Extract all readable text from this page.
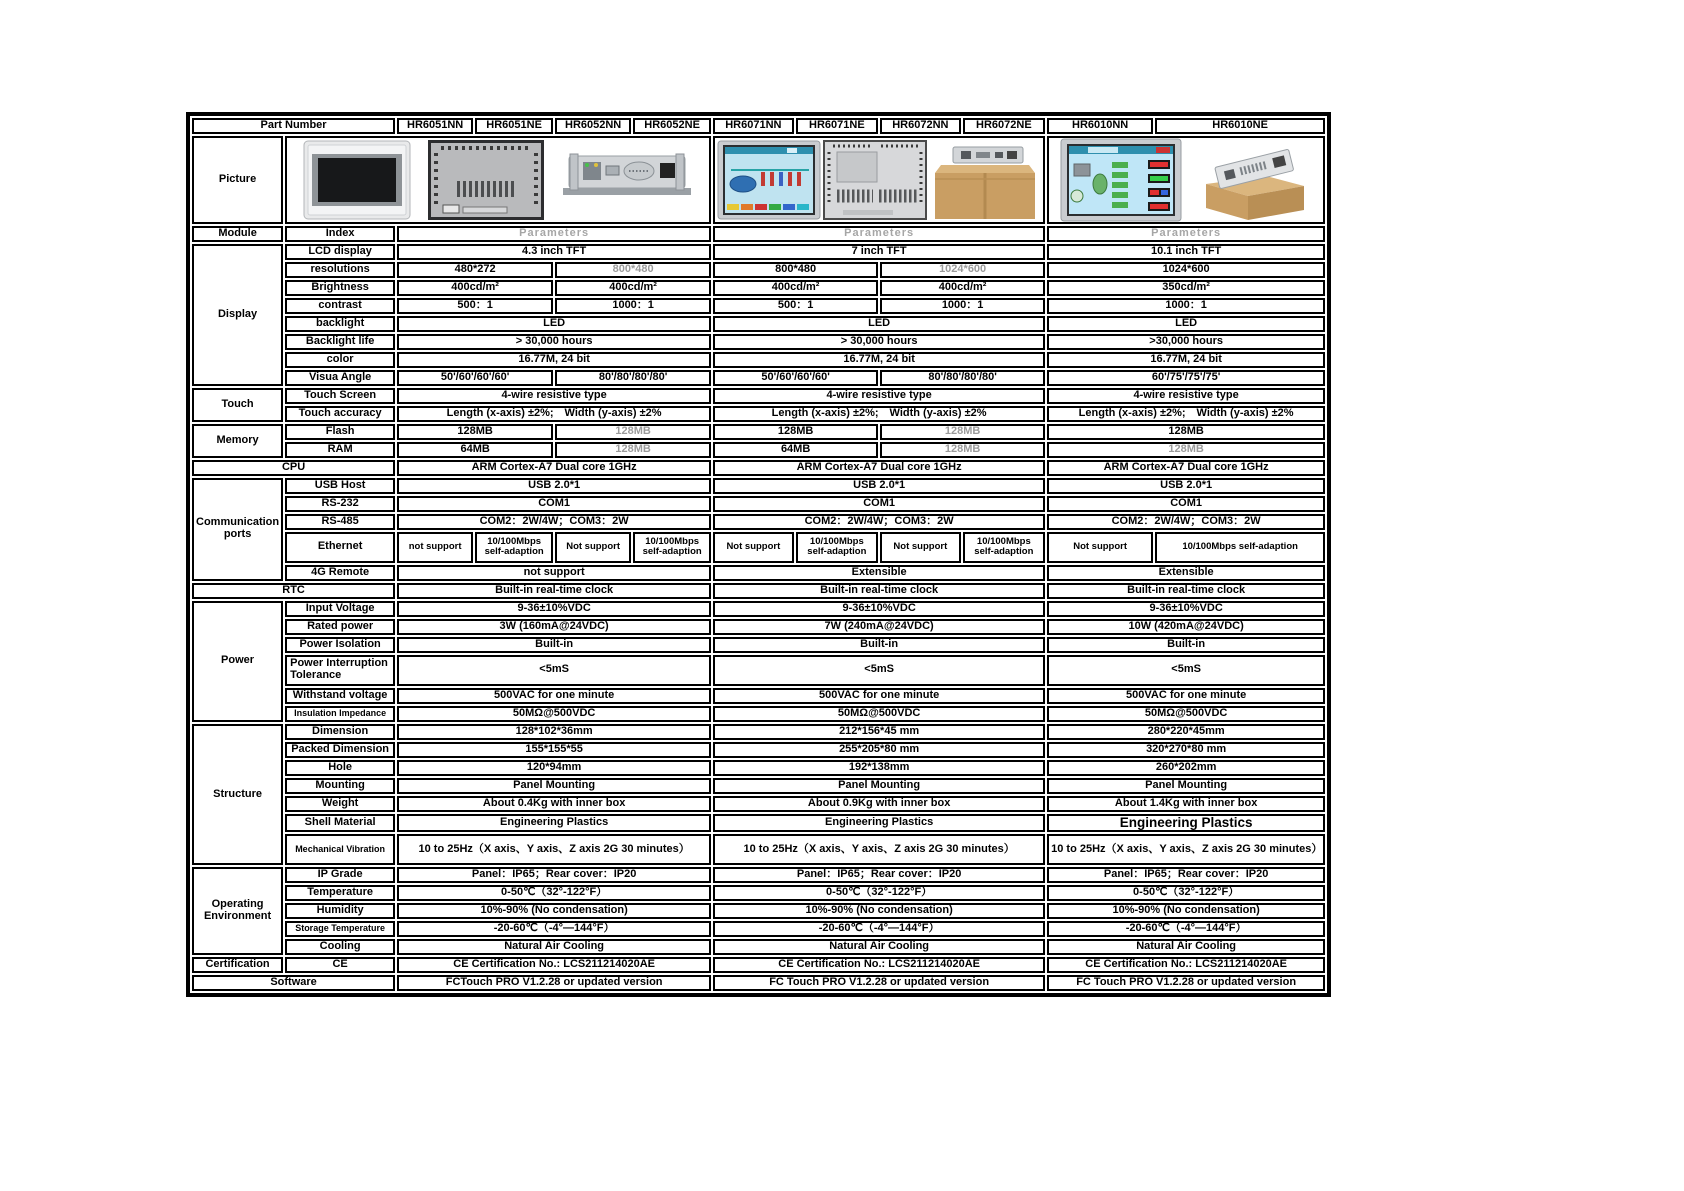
Part Number		HR6051NN	HR6051NE	HR6052NN	HR6052NE	HR6071NN	HR6071NE	HR6072NN	HR6072NE	HR6010NN	HR6010NE
Picture	

Module	Index	Parameters				Parameters				Parameters	
Display	LCD display	4.3 inch TFT				7 inch TFT				10.1 inch TFT	
	resolutions	480*272		800*480		800*480		1024*600		1024*600	
	Brightness	400cd/m²		400cd/m²		400cd/m²		400cd/m²		350cd/m²	
	contrast	500：1		1000：1		500：1		1000：1		1000：1	
	backlight	LED				LED				LED	
	Backlight life	> 30,000 hours				> 30,000 hours				>30,000 hours	
	color	16.77M, 24 bit				16.77M, 24 bit				16.77M, 24 bit	
	Visua Angle	50'/60'/60'/60'		80'/80'/80'/80'		50'/60'/60'/60'		80'/80'/80'/80'		60'/75'/75'/75'	
Touch	Touch Screen	4-wire resistive type				4-wire resistive type				4-wire resistive type	
	Touch accuracy	Length (x-axis) ±2%;　Width (y-axis) ±2%				Length (x-axis) ±2%;　Width (y-axis) ±2%				Length (x-axis) ±2%;　Width (y-axis) ±2%	
Memory	Flash	128MB		128MB		128MB		128MB		128MB	
	RAM	64MB		128MB		64MB		128MB		128MB	
CPU		ARM Cortex-A7 Dual core 1GHz				ARM Cortex-A7 Dual core 1GHz				ARM Cortex-A7 Dual core 1GHz	
Communication ports	USB Host	USB 2.0*1				USB 2.0*1				USB 2.0*1	
	RS-232	COM1				COM1				COM1	
	RS-485	COM2：2W/4W；COM3：2W				COM2：2W/4W；COM3：2W				COM2：2W/4W；COM3：2W	
	Ethernet	not support	10/100Mbps self-adaption	Not support	10/100Mbps self-adaption	Not support	10/100Mbps self-adaption	Not support	10/100Mbps self-adaption	Not support	10/100Mbps self-adaption
	4G Remote	not support				Extensible				Extensible	
RTC		Built-in real-time clock				Built-in real-time clock				Built-in real-time clock	
Power	Input Voltage	9-36±10%VDC				9-36±10%VDC				9-36±10%VDC	
	Rated power	3W (160mA@24VDC)				7W (240mA@24VDC)				10W (420mA@24VDC)	
	Power Isolation	Built-in				Built-in				Built-in	
	Power Interruption Tolerance	<5mS				<5mS				<5mS	
	Withstand voltage	500VAC for one minute				500VAC for one minute				500VAC for one minute	
	Insulation Impedance	50MΩ@500VDC				50MΩ@500VDC				50MΩ@500VDC	
Structure	Dimension	128*102*36mm				212*156*45 mm				280*220*45mm	
	Packed Dimension	155*155*55				255*205*80 mm				320*270*80 mm	
	Hole	120*94mm				192*138mm				260*202mm	
	Mounting	Panel Mounting				Panel Mounting				Panel Mounting	
	Weight	About 0.4Kg with inner box				About 0.9Kg with inner box				About 1.4Kg with inner box	
	Shell Material	Engineering Plastics				Engineering Plastics				Engineering Plastics	
	Mechanical Vibration	10 to 25Hz（X axis、Y axis、Z axis 2G 30 minutes）				10 to 25Hz（X axis、Y axis、Z axis 2G 30 minutes）				10 to 25Hz（X axis、Y axis、Z axis 2G 30 minutes）	
Operating Environment	IP Grade	Panel：IP65；Rear cover：IP20				Panel：IP65；Rear cover：IP20				Panel：IP65；Rear cover：IP20	
	Temperature	0-50℃（32°-122°F）				0-50℃（32°-122°F）				0-50℃（32°-122°F）	
	Humidity	10%-90% (No condensation)				10%-90% (No condensation)				10%-90% (No condensation)	
	Storage Temperature	-20-60℃（-4°—144°F）				-20-60℃（-4°—144°F）				-20-60℃（-4°—144°F）	
	Cooling	Natural Air Cooling				Natural Air Cooling				Natural Air Cooling	
Certification	CE	CE Certification No.: LCS211214020AE				CE Certification No.: LCS211214020AE				CE Certification No.: LCS211214020AE	
Software		FCTouch PRO V1.2.28 or updated version				FC Touch PRO V1.2.28 or updated version				FC Touch PRO V1.2.28 or updated version	
